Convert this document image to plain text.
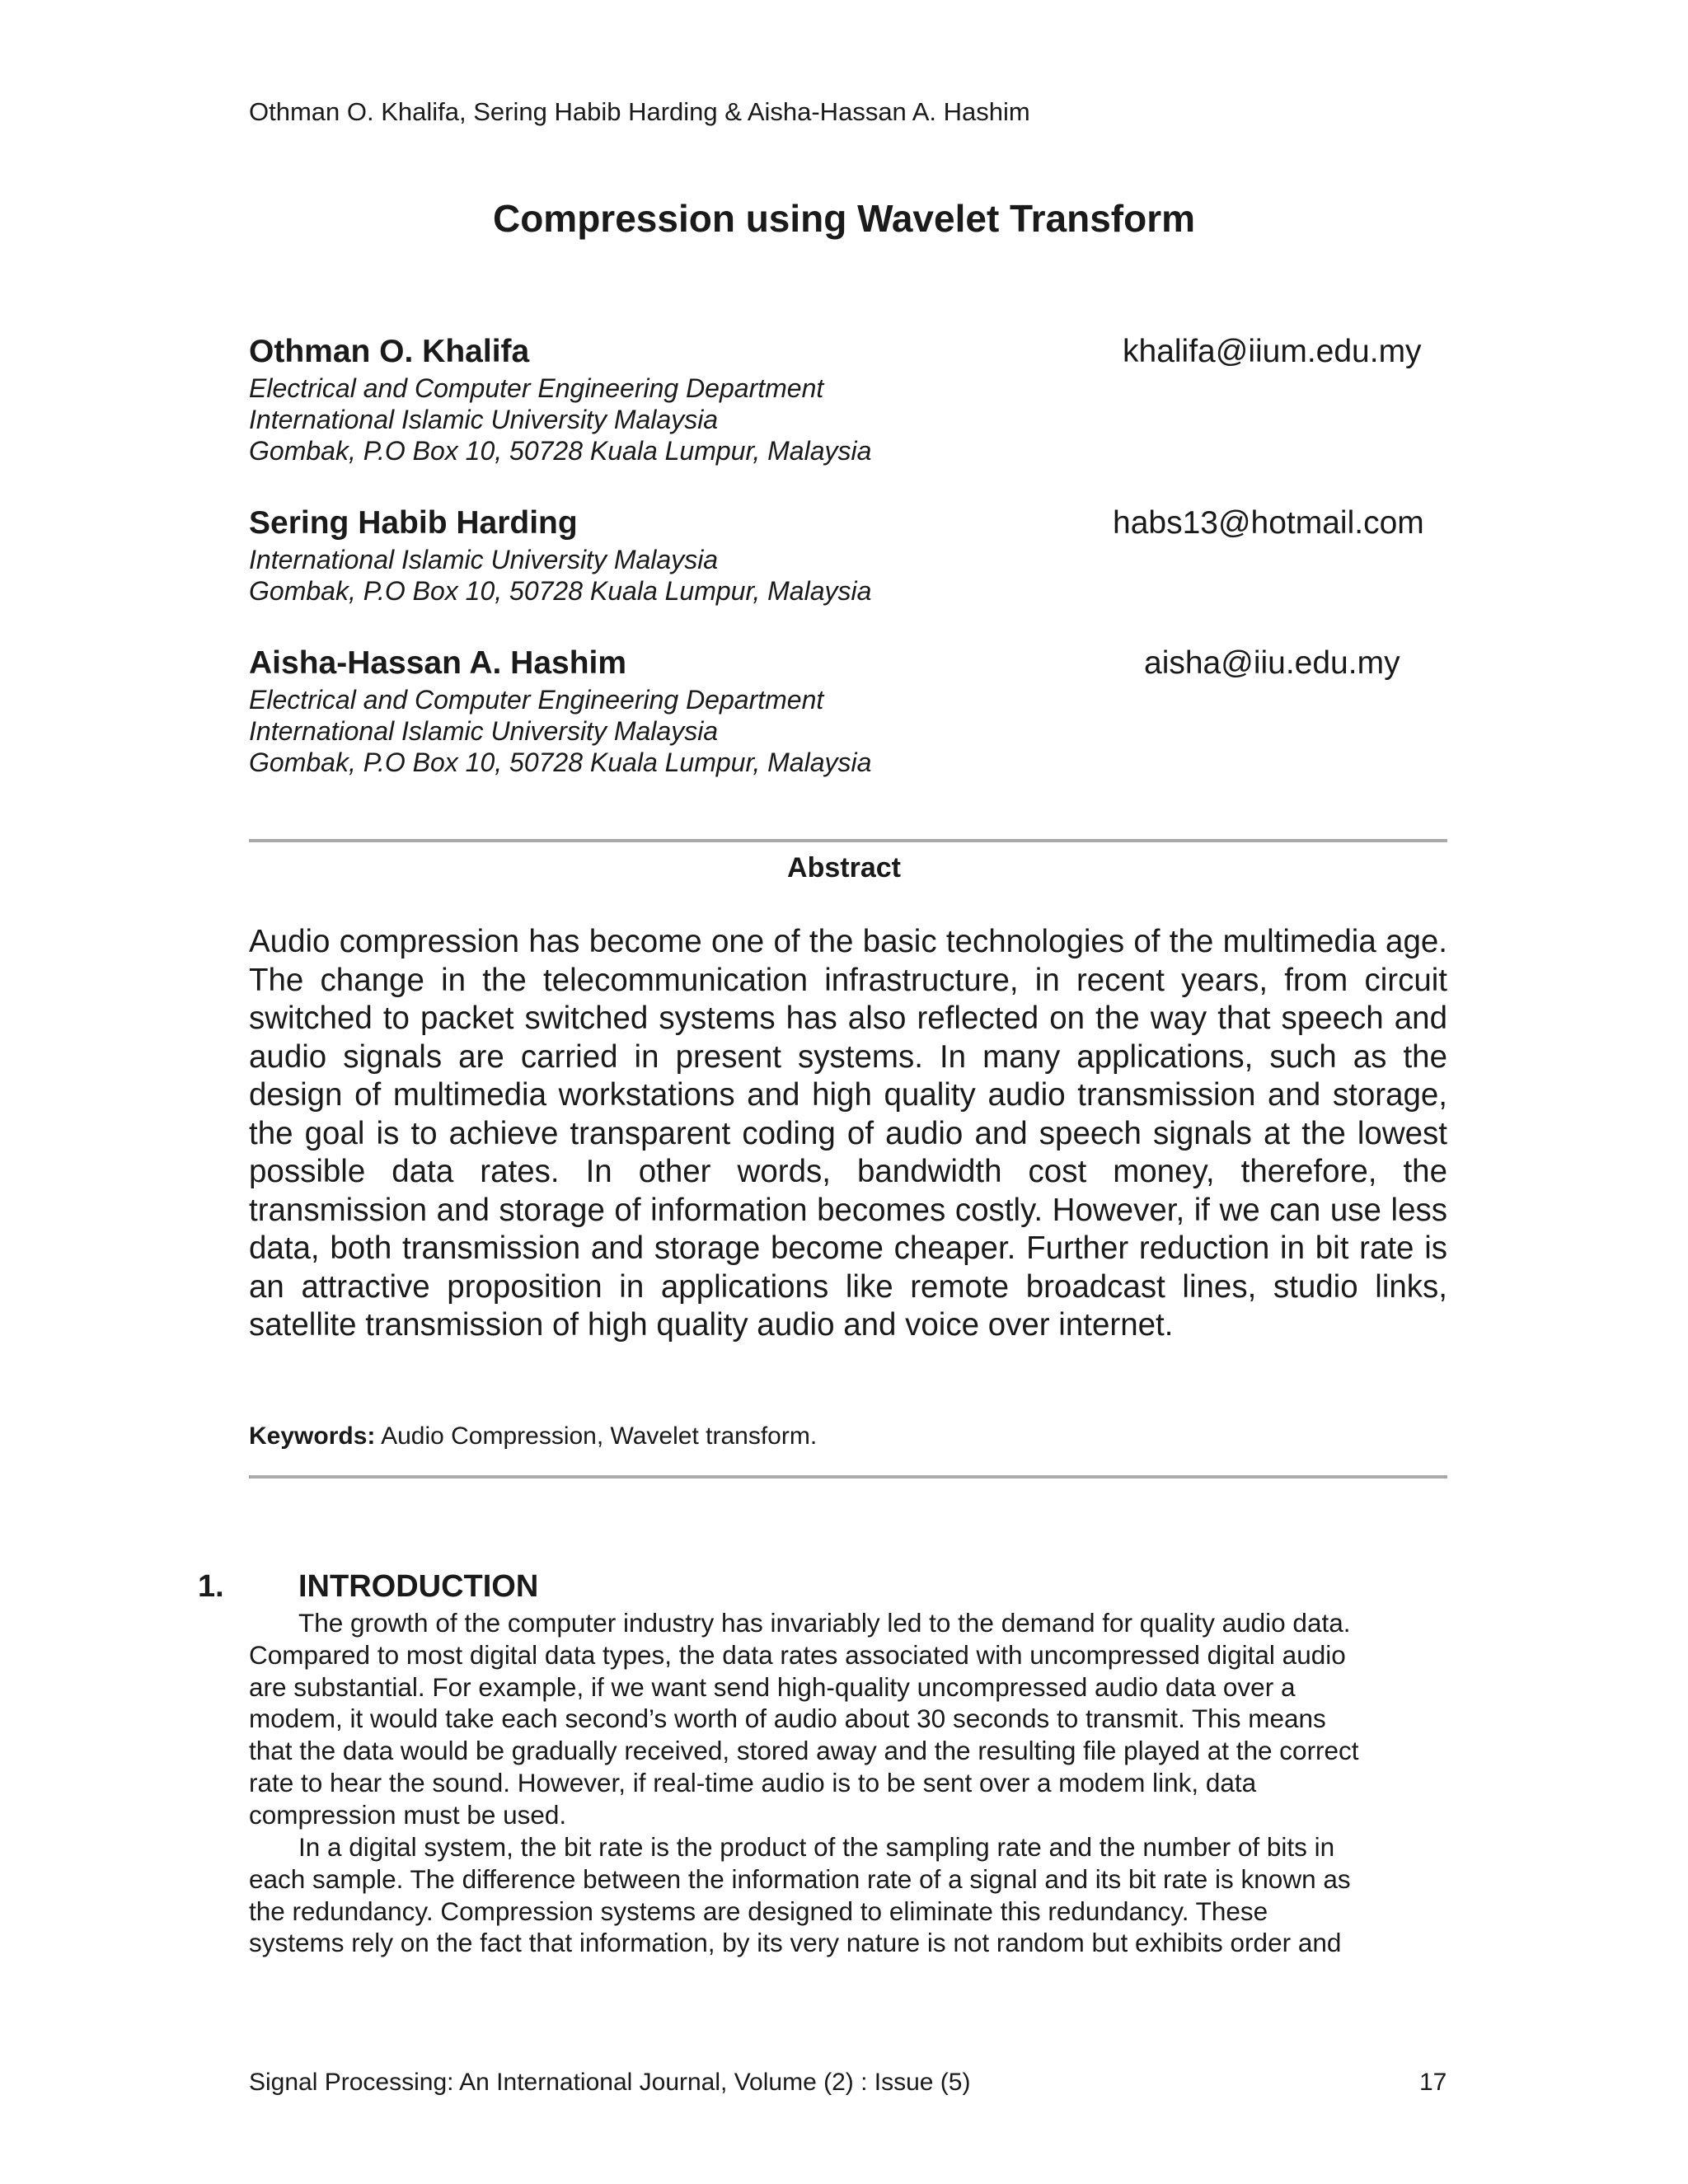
Othman O. Khalifa, Sering Habib Harding & Aisha-Hassan A. Hashim
Compression using Wavelet Transform
Othman O. Khalifa	khalifa@iium.edu.my
Electrical and Computer Engineering Department
International Islamic University Malaysia
Gombak, P.O Box 10, 50728 Kuala Lumpur, Malaysia
Sering Habib Harding	habs13@hotmail.com
International Islamic University Malaysia
Gombak, P.O Box 10, 50728 Kuala Lumpur, Malaysia
Aisha-Hassan A. Hashim	aisha@iiu.edu.my
Electrical and Computer Engineering Department
International Islamic University Malaysia
Gombak, P.O Box 10, 50728 Kuala Lumpur, Malaysia
Abstract

Audio compression has become one of the basic technologies of the multimedia age. The change in the telecommunication infrastructure, in recent years, from circuit switched to packet switched systems has also reflected on the way that speech and audio signals are carried in present systems. In many applications, such as the design of multimedia workstations and high quality audio transmission and storage, the goal is to achieve transparent coding of audio and speech signals at the lowest possible data rates. In other words, bandwidth cost money, therefore, the transmission and storage of information becomes costly. However, if we can use less data, both transmission and storage become cheaper. Further reduction in bit rate is an attractive proposition in applications like remote broadcast lines, studio links, satellite transmission of high quality audio and voice over internet.

Keywords: Audio Compression, Wavelet transform.
1. INTRODUCTION
The growth of the computer industry has invariably led to the demand for quality audio data.
Compared to most digital data types, the data rates associated with uncompressed digital audio
are substantial. For example, if we want send high-quality uncompressed audio data over a
modem, it would take each second’s worth of audio about 30 seconds to transmit. This means
that the data would be gradually received, stored away and the resulting file played at the correct
rate to hear the sound. However, if real-time audio is to be sent over a modem link, data
compression must be used.
In a digital system, the bit rate is the product of the sampling rate and the number of bits in
each sample. The difference between the information rate of a signal and its bit rate is known as
the redundancy. Compression systems are designed to eliminate this redundancy. These
systems rely on the fact that information, by its very nature is not random but exhibits order and
Signal Processing: An International Journal, Volume (2) : Issue (5)	17
